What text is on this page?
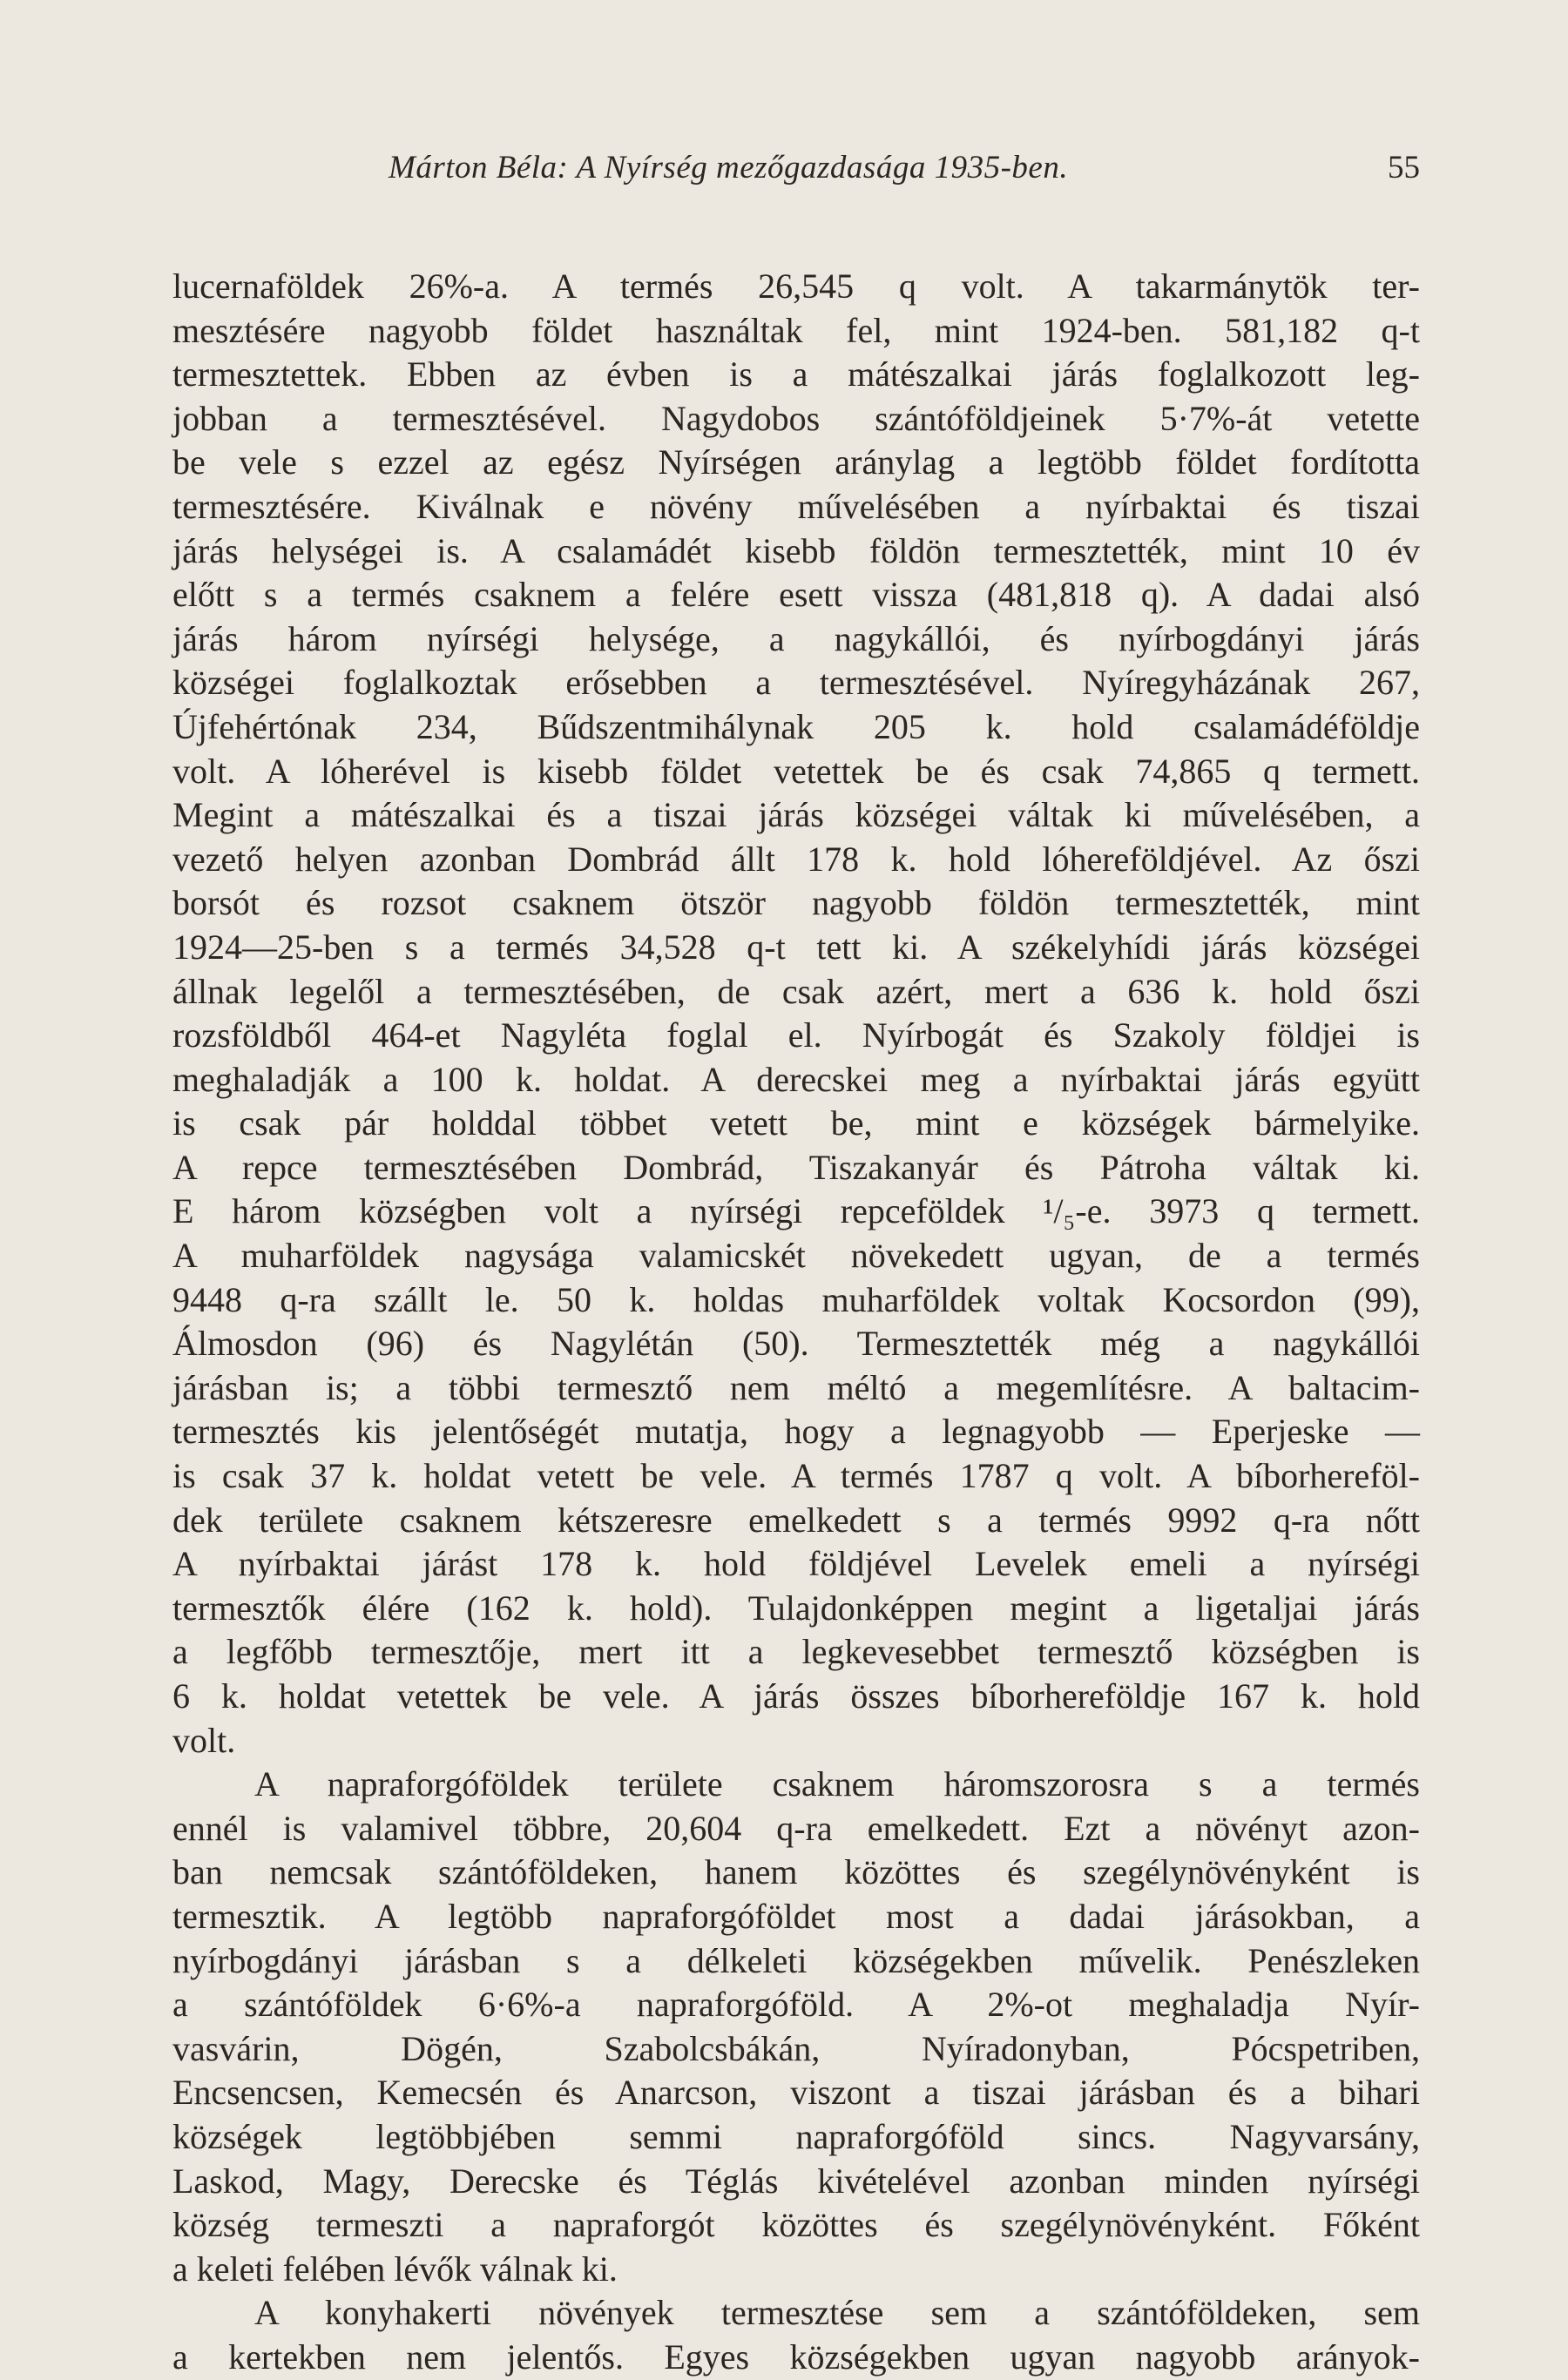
Márton Béla: A Nyírség mezőgazdasága 1935-ben.	55
lucernaföldek 26%-a. A termés 26,545 q volt. A takarmánytök ter-
mesztésére nagyobb földet használtak fel, mint 1924-ben. 581,182 q-t
termesztettek. Ebben az évben is a mátészalkai járás foglalkozott leg-
jobban a termesztésével. Nagydobos szántóföldjeinek 5·7%-át vetette
be vele s ezzel az egész Nyírségen aránylag a legtöbb földet fordította
termesztésére. Kiválnak e növény művelésében a nyírbaktai és tiszai
járás helységei is. A csalamádét kisebb földön termesztették, mint 10 év
előtt s a termés csaknem a felére esett vissza (481,818 q). A dadai alsó
járás három nyírségi helysége, a nagykállói, és nyírbogdányi járás
községei foglalkoztak erősebben a termesztésével. Nyíregyházának 267,
Újfehértónak 234, Bűdszentmihálynak 205 k. hold csalamádéföldje
volt. A lóherével is kisebb földet vetettek be és csak 74,865 q termett.
Megint a mátészalkai és a tiszai járás községei váltak ki művelésében, a
vezető helyen azonban Dombrád állt 178 k. hold lóhereföldjével. Az őszi
borsót és rozsot csaknem ötször nagyobb földön termesztették, mint
1924—25-ben s a termés 34,528 q-t tett ki. A székelyhídi járás községei
állnak legelől a termesztésében, de csak azért, mert a 636 k. hold őszi
rozsföldből 464-et Nagyléta foglal el. Nyírbogát és Szakoly földjei is
meghaladják a 100 k. holdat. A derecskei meg a nyírbaktai járás együtt
is csak pár holddal többet vetett be, mint e községek bármelyike.
A repce termesztésében Dombrád, Tiszakanyár és Pátroha váltak ki.
E három községben volt a nyírségi repceföldek ¹/₅-e. 3973 q termett.
A muharföldek nagysága valamicskét növekedett ugyan, de a termés
9448 q-ra szállt le. 50 k. holdas muharföldek voltak Kocsordon (99),
Álmosdon (96) és Nagylétán (50). Termesztették még a nagykállói
járásban is; a többi termesztő nem méltó a megemlítésre. A baltacim-
termesztés kis jelentőségét mutatja, hogy a legnagyobb — Eperjeske —
is csak 37 k. holdat vetett be vele. A termés 1787 q volt. A bíborhereföl-
dek területe csaknem kétszeresre emelkedett s a termés 9992 q-ra nőtt
A nyírbaktai járást 178 k. hold földjével Levelek emeli a nyírségi
termesztők élére (162 k. hold). Tulajdonképpen megint a ligetaljai járás
a legfőbb termesztője, mert itt a legkevesebbet termesztő községben is
6 k. holdat vetettek be vele. A járás összes bíborhereföldje 167 k. hold
volt.
A napraforgóföldek területe csaknem háromszorosra s a termés
ennél is valamivel többre, 20,604 q-ra emelkedett. Ezt a növényt azon-
ban nemcsak szántóföldeken, hanem közöttes és szegélynövényként is
termesztik. A legtöbb napraforgóföldet most a dadai járásokban, a
nyírbogdányi járásban s a délkeleti községekben művelik. Penészleken
a szántóföldek 6·6%-a napraforgóföld. A 2%-ot meghaladja Nyír-
vasvárin, Dögén, Szabolcsbákán, Nyíradonyban, Pócspetriben,
Encsencsen, Kemecsén és Anarcson, viszont a tiszai járásban és a bihari
községek legtöbbjében semmi napraforgóföld sincs. Nagyvarsány,
Laskod, Magy, Derecske és Téglás kivételével azonban minden nyírségi
község termeszti a napraforgót közöttes és szegélynövényként. Főként
a keleti felében lévők válnak ki.
A konyhakerti növények termesztése sem a szántóföldeken, sem
a kertekben nem jelentős. Egyes községekben ugyan nagyobb arányok-
